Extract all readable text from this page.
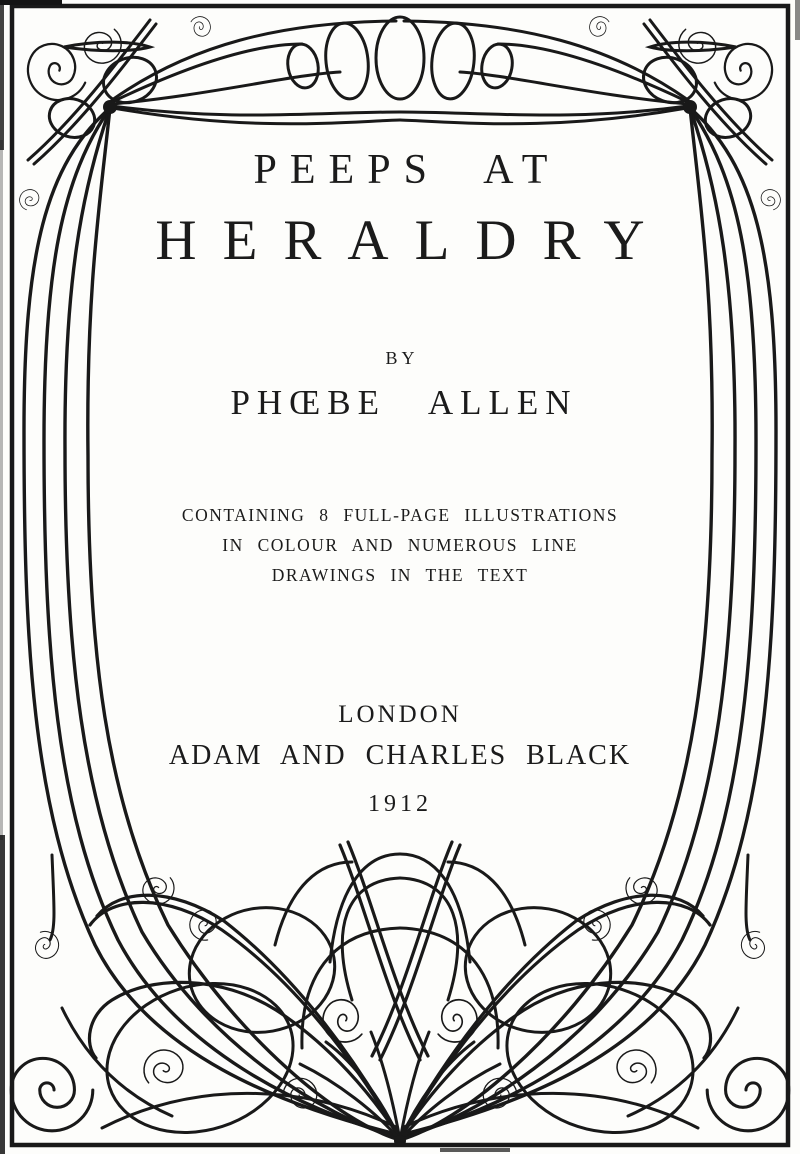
PEEPS AT
HERALDRY
BY
PHŒBE ALLEN
CONTAINING 8 FULL-PAGE ILLUSTRATIONS
IN COLOUR AND NUMEROUS LINE
DRAWINGS IN THE TEXT
LONDON
ADAM AND CHARLES BLACK
1912
